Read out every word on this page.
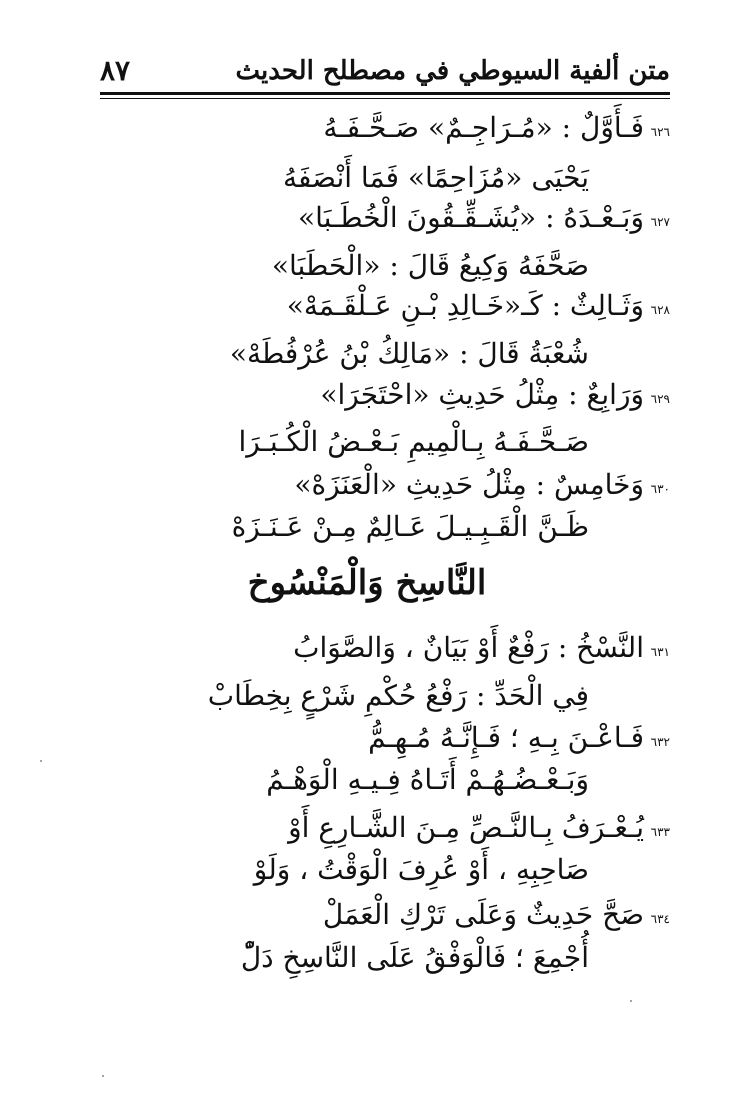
متن ألفية السيوطي في مصطلح الحديث
٨٧
٦٢٦
فَـأَوَّلٌ : «مُـرَاجِـمٌ» صَـحَّـفَـهُ
يَحْيَى «مُزَاحِمًا» فَمَا أَنْصَفَهُ
٦٢٧
وَبَـعْـدَهُ : «يُشَـقِّـقُونَ الْخُطَـبَا»
صَحَّفَهُ وَكِيعُ قَالَ : «الْحَطَبَا»
٦٢٨
وَثَـالِثٌ : كَـ«خَـالِدِ بْـنِ عَـلْقَـمَهْ»
شُعْبَةُ قَالَ : «مَالِكُ بْنُ عُرْفُطَهْ»
٦٢٩
وَرَابِعٌ : مِثْلُ حَدِيثِ «احْتَجَرَا»
صَـحَّـفَـهُ بِـالْمِيمِ بَـعْـضُ الْكُـبَـرَا
٦٣٠
وَخَامِسٌ : مِثْلُ حَدِيثِ «الْعَنَزَهْ»
ظَـنَّ الْقَـبِـيـلَ عَـالِمٌ مِـنْ عَـنَـزَهْ
النَّاسِخ وَالْمَنْسُوخ
٦٣١
النَّسْخُ : رَفْعٌ أَوْ بَيَانٌ ، وَالصَّوَابُ
فِي الْحَدِّ : رَفْعُ حُكْمِ شَرْعٍ بِخِطَابْ
٦٣٢
فَـاعْـنَ بِـهِ ؛ فَـإِنَّـهُ مُـهِـمُّ
وَبَـعْـضُـهُـمْ أَتَـاهُ فِـيـهِ الْوَهْـمُ
٦٣٣
يُـعْـرَفُ بِـالنَّـصِّ مِـنَ الشَّـارِعِ أَوْ
صَاحِبِهِ ، أَوْ عُرِفَ الْوَقْتُ ، وَلَوْ
٦٣٤
صَحَّ حَدِيثٌ وَعَلَى تَرْكِ الْعَمَلْ
أُجْمِعَ ؛ فَالْوَفْقُ عَلَى النَّاسِخِ دَلّْ
